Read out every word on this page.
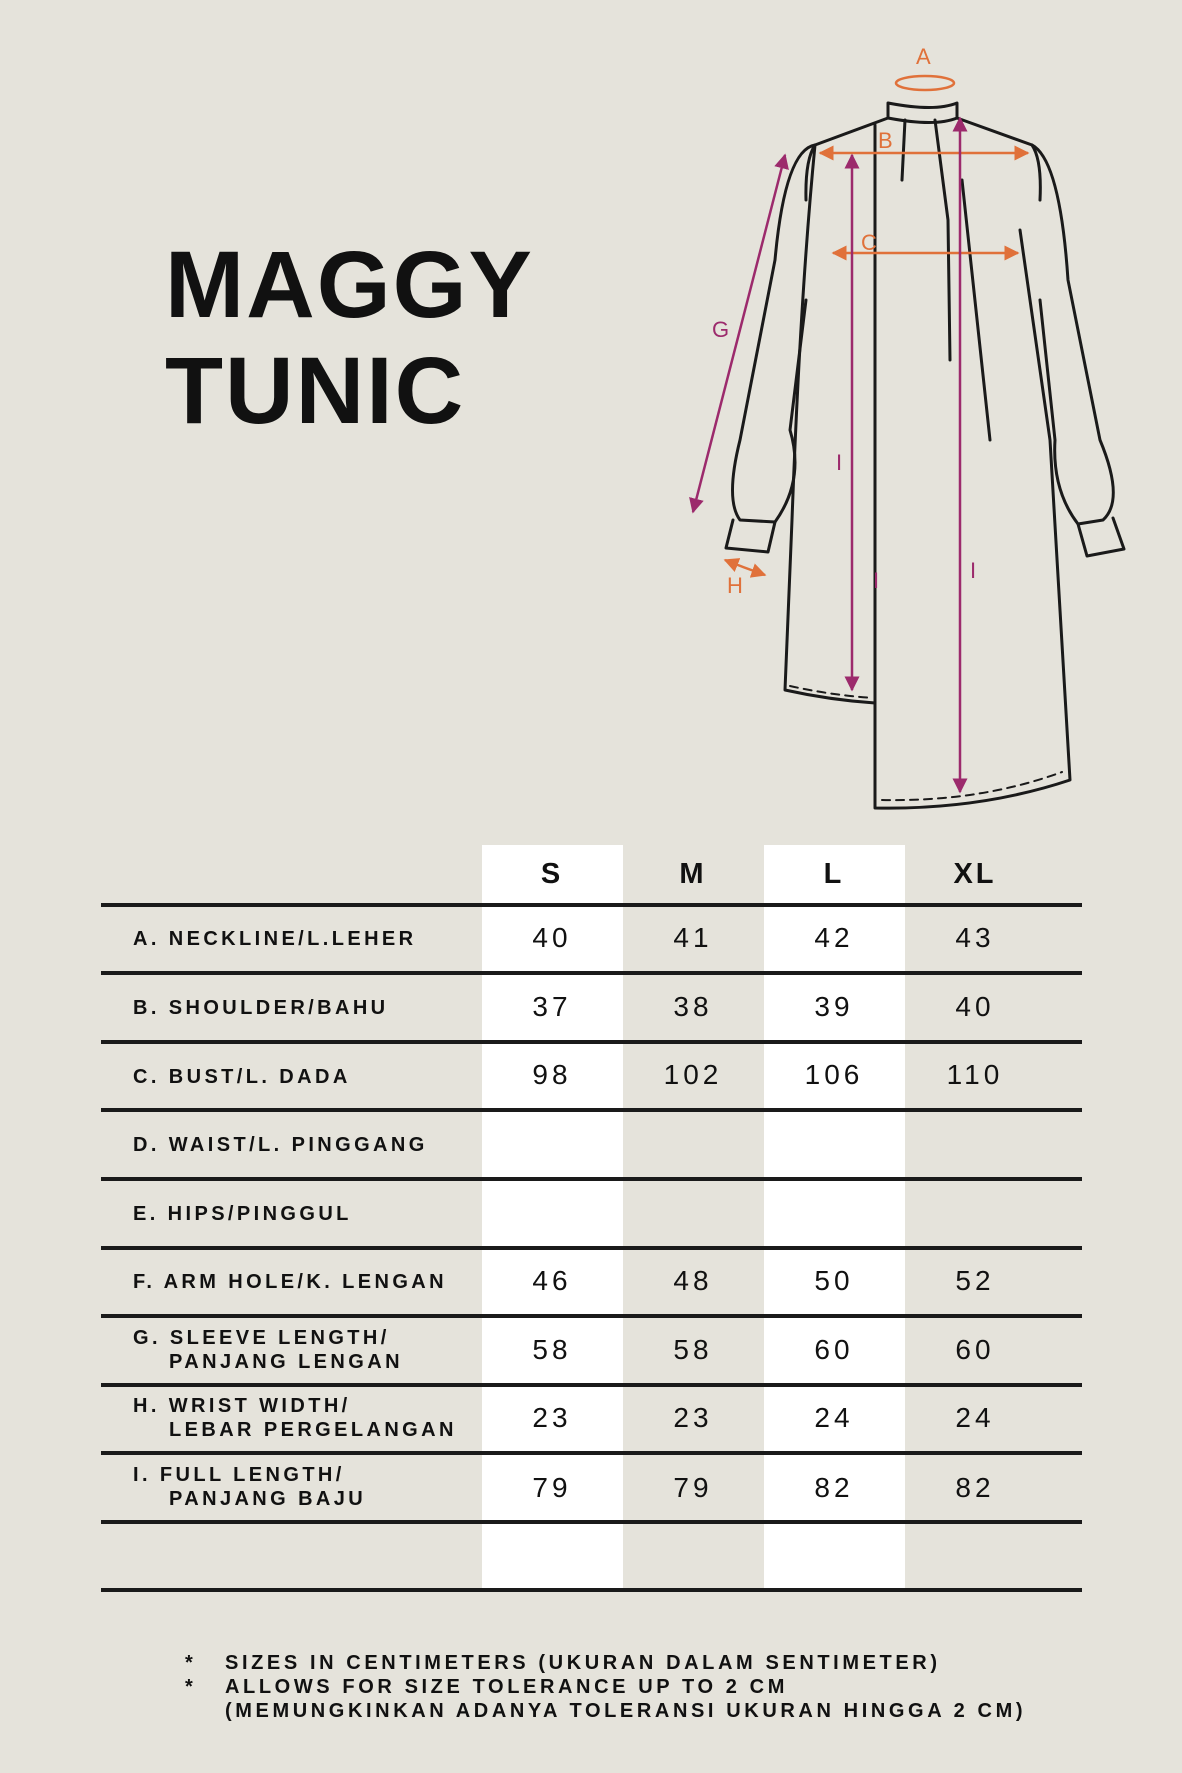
MAGGY
TUNIC
A
B
C
H
G
I
I	I
S	M	L	XL
A. NECKLINE/L.LEHER	40	41	42	43
B. SHOULDER/BAHU	37	38	39	40
C. BUST/L. DADA	98	102	106	110
D. WAIST/L. PINGGANG
E. HIPS/PINGGUL
F. ARM HOLE/K. LENGAN	46	48	50	52
G. SLEEVE LENGTH/
PANJANG LENGAN	58	58	60	60
H. WRIST WIDTH/
LEBAR PERGELANGAN	23	23	24	24
I. FULL LENGTH/
PANJANG BAJU	79	79	82	82
*	SIZES IN CENTIMETERS (UKURAN DALAM SENTIMETER)
*	ALLOWS FOR SIZE TOLERANCE UP TO 2 CM
(MEMUNGKINKAN ADANYA TOLERANSI UKURAN HINGGA 2 CM)
